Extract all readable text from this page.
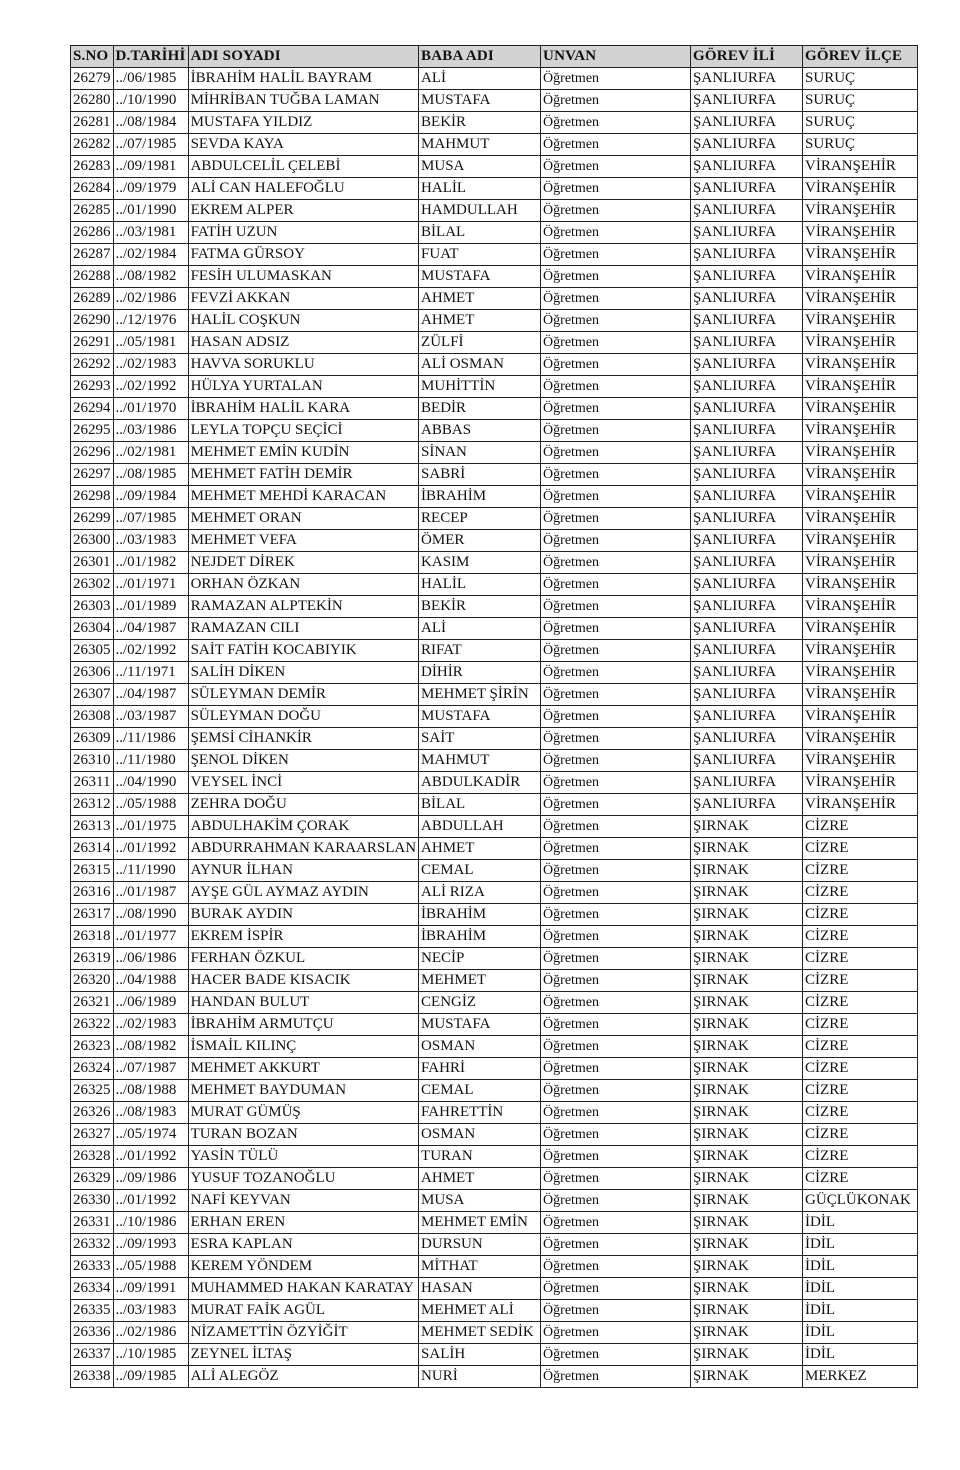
S.NO	D.TARİHİ	ADI SOYADI	BABA ADI	UNVAN	GÖREV İLİ	GÖREV İLÇE
26279	../06/1985	İBRAHİM HALİL BAYRAM	ALİ	Öğretmen	ŞANLIURFA	SURUÇ
26280	../10/1990	MİHRİBAN TUĞBA LAMAN	MUSTAFA	Öğretmen	ŞANLIURFA	SURUÇ
26281	../08/1984	MUSTAFA YILDIZ	BEKİR	Öğretmen	ŞANLIURFA	SURUÇ
26282	../07/1985	SEVDA KAYA	MAHMUT	Öğretmen	ŞANLIURFA	SURUÇ
26283	../09/1981	ABDULCELİL ÇELEBİ	MUSA	Öğretmen	ŞANLIURFA	VİRANŞEHİR
26284	../09/1979	ALİ CAN HALEFOĞLU	HALİL	Öğretmen	ŞANLIURFA	VİRANŞEHİR
26285	../01/1990	EKREM ALPER	HAMDULLAH	Öğretmen	ŞANLIURFA	VİRANŞEHİR
26286	../03/1981	FATİH UZUN	BİLAL	Öğretmen	ŞANLIURFA	VİRANŞEHİR
26287	../02/1984	FATMA GÜRSOY	FUAT	Öğretmen	ŞANLIURFA	VİRANŞEHİR
26288	../08/1982	FESİH ULUMASKAN	MUSTAFA	Öğretmen	ŞANLIURFA	VİRANŞEHİR
26289	../02/1986	FEVZİ AKKAN	AHMET	Öğretmen	ŞANLIURFA	VİRANŞEHİR
26290	../12/1976	HALİL COŞKUN	AHMET	Öğretmen	ŞANLIURFA	VİRANŞEHİR
26291	../05/1981	HASAN ADSIZ	ZÜLFİ	Öğretmen	ŞANLIURFA	VİRANŞEHİR
26292	../02/1983	HAVVA SORUKLU	ALİ OSMAN	Öğretmen	ŞANLIURFA	VİRANŞEHİR
26293	../02/1992	HÜLYA YURTALAN	MUHİTTİN	Öğretmen	ŞANLIURFA	VİRANŞEHİR
26294	../01/1970	İBRAHİM HALİL KARA	BEDİR	Öğretmen	ŞANLIURFA	VİRANŞEHİR
26295	../03/1986	LEYLA TOPÇU SEÇİCİ	ABBAS	Öğretmen	ŞANLIURFA	VİRANŞEHİR
26296	../02/1981	MEHMET EMİN KUDİN	SİNAN	Öğretmen	ŞANLIURFA	VİRANŞEHİR
26297	../08/1985	MEHMET FATİH DEMİR	SABRİ	Öğretmen	ŞANLIURFA	VİRANŞEHİR
26298	../09/1984	MEHMET MEHDİ KARACAN	İBRAHİM	Öğretmen	ŞANLIURFA	VİRANŞEHİR
26299	../07/1985	MEHMET ORAN	RECEP	Öğretmen	ŞANLIURFA	VİRANŞEHİR
26300	../03/1983	MEHMET VEFA	ÖMER	Öğretmen	ŞANLIURFA	VİRANŞEHİR
26301	../01/1982	NEJDET DİREK	KASIM	Öğretmen	ŞANLIURFA	VİRANŞEHİR
26302	../01/1971	ORHAN ÖZKAN	HALİL	Öğretmen	ŞANLIURFA	VİRANŞEHİR
26303	../01/1989	RAMAZAN ALPTEKİN	BEKİR	Öğretmen	ŞANLIURFA	VİRANŞEHİR
26304	../04/1987	RAMAZAN CILI	ALİ	Öğretmen	ŞANLIURFA	VİRANŞEHİR
26305	../02/1992	SAİT FATİH KOCABIYIK	RIFAT	Öğretmen	ŞANLIURFA	VİRANŞEHİR
26306	../11/1971	SALİH DİKEN	DİHİR	Öğretmen	ŞANLIURFA	VİRANŞEHİR
26307	../04/1987	SÜLEYMAN DEMİR	MEHMET ŞİRİN	Öğretmen	ŞANLIURFA	VİRANŞEHİR
26308	../03/1987	SÜLEYMAN DOĞU	MUSTAFA	Öğretmen	ŞANLIURFA	VİRANŞEHİR
26309	../11/1986	ŞEMSİ CİHANKİR	SAİT	Öğretmen	ŞANLIURFA	VİRANŞEHİR
26310	../11/1980	ŞENOL DİKEN	MAHMUT	Öğretmen	ŞANLIURFA	VİRANŞEHİR
26311	../04/1990	VEYSEL İNCİ	ABDULKADİR	Öğretmen	ŞANLIURFA	VİRANŞEHİR
26312	../05/1988	ZEHRA DOĞU	BİLAL	Öğretmen	ŞANLIURFA	VİRANŞEHİR
26313	../01/1975	ABDULHAKİM ÇORAK	ABDULLAH	Öğretmen	ŞIRNAK	CİZRE
26314	../01/1992	ABDURRAHMAN KARAARSLAN	AHMET	Öğretmen	ŞIRNAK	CİZRE
26315	../11/1990	AYNUR İLHAN	CEMAL	Öğretmen	ŞIRNAK	CİZRE
26316	../01/1987	AYŞE GÜL AYMAZ AYDIN	ALİ RIZA	Öğretmen	ŞIRNAK	CİZRE
26317	../08/1990	BURAK AYDIN	İBRAHİM	Öğretmen	ŞIRNAK	CİZRE
26318	../01/1977	EKREM İSPİR	İBRAHİM	Öğretmen	ŞIRNAK	CİZRE
26319	../06/1986	FERHAN ÖZKUL	NECİP	Öğretmen	ŞIRNAK	CİZRE
26320	../04/1988	HACER BADE KISACIK	MEHMET	Öğretmen	ŞIRNAK	CİZRE
26321	../06/1989	HANDAN BULUT	CENGİZ	Öğretmen	ŞIRNAK	CİZRE
26322	../02/1983	İBRAHİM ARMUTÇU	MUSTAFA	Öğretmen	ŞIRNAK	CİZRE
26323	../08/1982	İSMAİL KILINÇ	OSMAN	Öğretmen	ŞIRNAK	CİZRE
26324	../07/1987	MEHMET AKKURT	FAHRİ	Öğretmen	ŞIRNAK	CİZRE
26325	../08/1988	MEHMET BAYDUMAN	CEMAL	Öğretmen	ŞIRNAK	CİZRE
26326	../08/1983	MURAT GÜMÜŞ	FAHRETTİN	Öğretmen	ŞIRNAK	CİZRE
26327	../05/1974	TURAN BOZAN	OSMAN	Öğretmen	ŞIRNAK	CİZRE
26328	../01/1992	YASİN TÜLÜ	TURAN	Öğretmen	ŞIRNAK	CİZRE
26329	../09/1986	YUSUF TOZANOĞLU	AHMET	Öğretmen	ŞIRNAK	CİZRE
26330	../01/1992	NAFİ KEYVAN	MUSA	Öğretmen	ŞIRNAK	GÜÇLÜKONAK
26331	../10/1986	ERHAN EREN	MEHMET EMİN	Öğretmen	ŞIRNAK	İDİL
26332	../09/1993	ESRA KAPLAN	DURSUN	Öğretmen	ŞIRNAK	İDİL
26333	../05/1988	KEREM YÖNDEM	MİTHAT	Öğretmen	ŞIRNAK	İDİL
26334	../09/1991	MUHAMMED HAKAN KARATAY	HASAN	Öğretmen	ŞIRNAK	İDİL
26335	../03/1983	MURAT FAİK AGÜL	MEHMET ALİ	Öğretmen	ŞIRNAK	İDİL
26336	../02/1986	NİZAMETTİN ÖZYİĞİT	MEHMET SEDİK	Öğretmen	ŞIRNAK	İDİL
26337	../10/1985	ZEYNEL İLTAŞ	SALİH	Öğretmen	ŞIRNAK	İDİL
26338	../09/1985	ALİ ALEGÖZ	NURİ	Öğretmen	ŞIRNAK	MERKEZ
